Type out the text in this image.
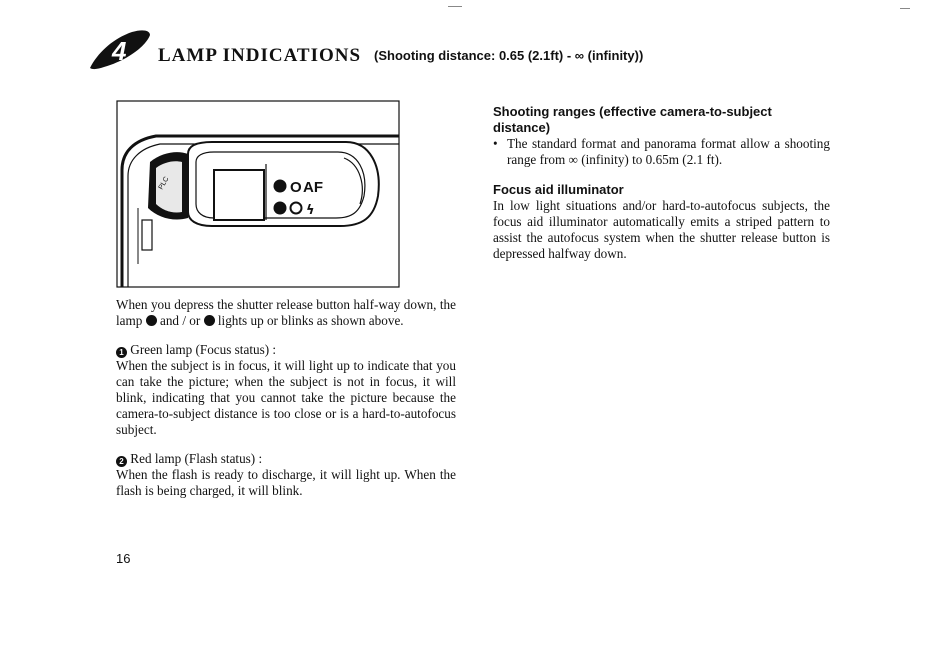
4 LAMP INDICATIONS (Shooting distance: 0.65 (2.1ft) - ∞ (infinity))
PLC	O AF
ϟ

When you depress the shutter release button half-way down, the lamp and / or lights up or blinks as shown above.

1 Green lamp (Focus status) :
When the subject is in focus, it will light up to indicate that you can take the picture; when the subject is not in focus, it will blink, indicating that you cannot take the picture because the camera-to-subject distance is too close or is a hard-to-autofocus subject.

2 Red lamp (Flash status) :
When the flash is ready to discharge, it will light up. When the flash is being charged, it will blink.

Shooting ranges (effective camera-to-subject distance)
• The standard format and panorama format allow a shooting range from ∞ (infinity) to 0.65m (2.1 ft).
Focus aid illuminator

In low light situations and/or hard-to-autofocus subjects, the focus aid illuminator automatically emits a striped pattern to assist the autofocus system when the shutter release button is depressed halfway down.

16
